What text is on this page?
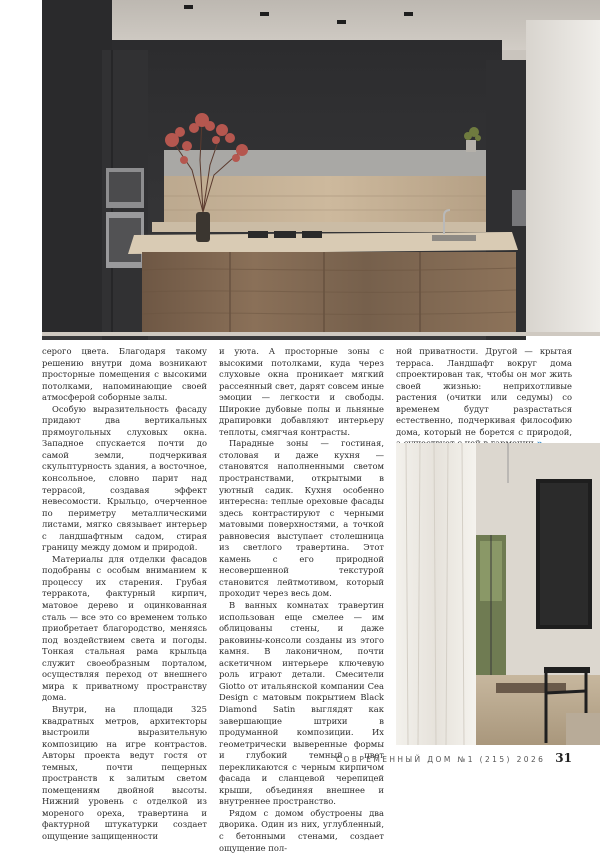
серого цвета. Благодаря такому решению внутри дома возникают просторные помещения с высокими потолками, напоминающие своей атмосферой соборные залы.

Особую выразительность фасаду придают два вертикальных прямоугольных слуховых окна. Западное спускается почти до самой земли, подчеркивая скульптурность здания, а восточное, консольное, словно парит над террасой, создавая эффект невесомости. Крыльцо, очерченное по периметру металлическими листами, мягко связывает интерьер с ландшафтным садом, стирая границу между домом и природой.

Материалы для отделки фасадов подобраны с особым вниманием к процессу их старения. Грубая терракота, фактурный кирпич, матовое дерево и оцинкованная сталь — все это со временем только приобретает благородство, меняясь под воздействием света и погоды. Тонкая стальная рама крыльца служит своеобразным порталом, осуществляя переход от внешнего мира к приватному пространству дома.

Внутри, на площади 325 квадратных метров, архитекторы выстроили выразительную композицию на игре контрастов. Авторы проекта ведут гостя от темных, почти пещерных пространств к залитым светом помещениям двойной высоты. Нижний уровень с отделкой из мореного ореха, травертина и фактурной штукатурки создает ощущение защищенности

и уюта. А просторные зоны с высокими потолками, куда через слуховые окна проникает мягкий рассеянный свет, дарят совсем иные эмоции — легкости и свободы. Широкие дубовые полы и льняные драпировки добавляют интерьеру теплоты, смягчая контрасты.

Парадные зоны — гостиная, столовая и даже кухня — становятся наполненными светом пространствами, открытыми в уютный садик. Кухня особенно интересна: теплые ореховые фасады здесь контрастируют с черными матовыми поверхностями, а точкой равновесия выступает столешница из светлого травертина. Этот камень с его природной несовершенной текстурой становится лейтмотивом, который проходит через весь дом.

В ванных комнатах травертин использован еще смелее — им облицованы стены, и даже раковины-консоли созданы из этого камня. В лаконичном, почти аскетичном интерьере ключевую роль играют детали. Смесители Giotto от итальянской компании Cea Design с матовым покрытием Black Diamond Satin выглядят как завершающие штрихи в продуманной композиции. Их геометрически выверенные формы и глубокий темный цвет перекликаются с черным кирпичом фасада и сланцевой черепицей крыши, объединяя внешнее и внутреннее пространство.

Рядом с домом обустроены два дворика. Один из них, углубленный, с бетонными стенами, создает ощущение пол-

ной приватности. Другой — крытая терраса. Ландшафт вокруг дома спроектирован так, чтобы он мог жить своей жизнью: неприхотливые растения (очитки или седумы) со временем будут разрастаться естественно, подчеркивая философию дома, который не борется с природой,

СОВРЕМЕННЫЙ ДОМ №1 (215) 2026 31
